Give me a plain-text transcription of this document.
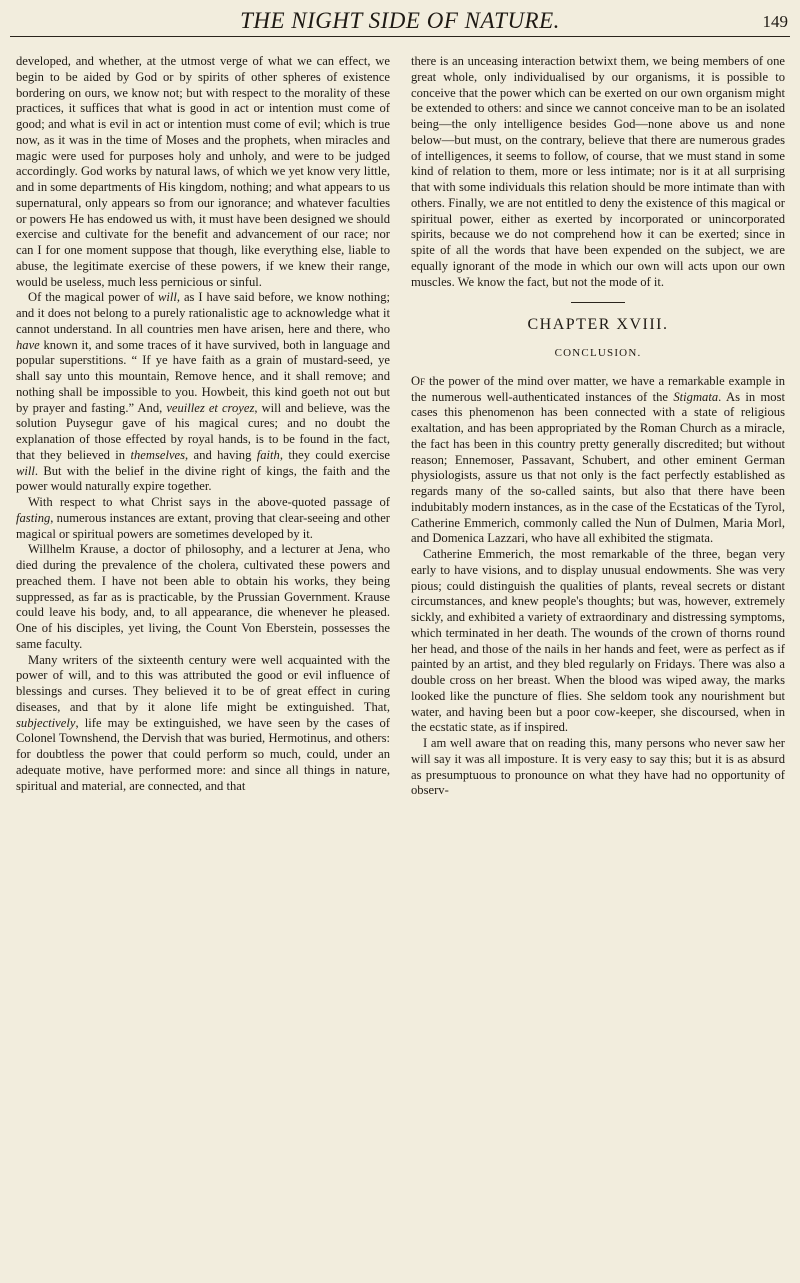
THE NIGHT SIDE OF NATURE.	149

developed, and whether, at the utmost verge of what we can effect, we begin to be aided by God or by spirits of other spheres of existence bordering on ours, we know not; but with respect to the morality of these practices, it suffices that what is good in act or intention must come of good; and what is evil in act or intention must come of evil; which is true now, as it was in the time of Moses and the prophets, when miracles and magic were used for purposes holy and unholy, and were to be judged accordingly. God works by natural laws, of which we yet know very little, and in some departments of His kingdom, nothing; and what appears to us supernatural, only appears so from our ignorance; and whatever faculties or powers He has endowed us with, it must have been designed we should exercise and cultivate for the benefit and advancement of our race; nor can I for one moment suppose that though, like everything else, liable to abuse, the legitimate exercise of these powers, if we knew their range, would be useless, much less pernicious or sinful.

Of the magical power of will, as I have said before, we know nothing; and it does not belong to a purely rationalistic age to acknowledge what it cannot understand. In all countries men have arisen, here and there, who have known it, and some traces of it have survived, both in language and popular superstitions. “ If ye have faith as a grain of mustard-seed, ye shall say unto this mountain, Remove hence, and it shall remove; and nothing shall be impossible to you. Howbeit, this kind goeth not out but by prayer and fasting.” And, veuillez et croyez, will and believe, was the solution Puysegur gave of his magical cures; and no doubt the explanation of those effected by royal hands, is to be found in the fact, that they believed in themselves, and having faith, they could exercise will. But with the belief in the divine right of kings, the faith and the power would naturally expire together.

With respect to what Christ says in the above-quoted passage of fasting, numerous instances are extant, proving that clear-seeing and other magical or spiritual powers are sometimes developed by it.

Willhelm Krause, a doctor of philosophy, and a lecturer at Jena, who died during the prevalence of the cholera, cultivated these powers and preached them. I have not been able to obtain his works, they being suppressed, as far as is practicable, by the Prussian Government. Krause could leave his body, and, to all appearance, die whenever he pleased. One of his disciples, yet living, the Count Von Eberstein, possesses the same faculty.

Many writers of the sixteenth century were well acquainted with the power of will, and to this was attributed the good or evil influence of blessings and curses. They believed it to be of great effect in curing diseases, and that by it alone life might be extinguished. That, subjectively, life may be extinguished, we have seen by the cases of Colonel Townshend, the Dervish that was buried, Hermotinus, and others: for doubtless the power that could perform so much, could, under an adequate motive, have performed more: and since all things in nature, spiritual and material, are connected, and that

there is an unceasing interaction betwixt them, we being members of one great whole, only individualised by our organisms, it is possible to conceive that the power which can be exerted on our own organism might be extended to others: and since we cannot conceive man to be an isolated being—the only intelligence besides God—none above us and none below—but must, on the contrary, believe that there are numerous grades of intelligences, it seems to follow, of course, that we must stand in some kind of relation to them, more or less intimate; nor is it at all surprising that with some individuals this relation should be more intimate than with others. Finally, we are not entitled to deny the existence of this magical or spiritual power, either as exerted by incorporated or unincorporated spirits, because we do not comprehend how it can be exerted; since in spite of all the words that have been expended on the subject, we are equally ignorant of the mode in which our own will acts upon our own muscles. We know the fact, but not the mode of it.

CHAPTER XVIII.
CONCLUSION.

Of the power of the mind over matter, we have a remarkable example in the numerous well-authenticated instances of the Stigmata. As in most cases this phenomenon has been connected with a state of religious exaltation, and has been appropriated by the Roman Church as a miracle, the fact has been in this country pretty generally discredited; but without reason; Ennemoser, Passavant, Schubert, and other eminent German physiologists, assure us that not only is the fact perfectly established as regards many of the so-called saints, but also that there have been indubitably modern instances, as in the case of the Ecstaticas of the Tyrol, Catherine Emmerich, commonly called the Nun of Dulmen, Maria Morl, and Domenica Lazzari, who have all exhibited the stigmata.

Catherine Emmerich, the most remarkable of the three, began very early to have visions, and to display unusual endowments. She was very pious; could distinguish the qualities of plants, reveal secrets or distant circumstances, and knew people's thoughts; but was, however, extremely sickly, and exhibited a variety of extraordinary and distressing symptoms, which terminated in her death. The wounds of the crown of thorns round her head, and those of the nails in her hands and feet, were as perfect as if painted by an artist, and they bled regularly on Fridays. There was also a double cross on her breast. When the blood was wiped away, the marks looked like the puncture of flies. She seldom took any nourishment but water, and having been but a poor cow-keeper, she discoursed, when in the ecstatic state, as if inspired.

I am well aware that on reading this, many persons who never saw her will say it was all imposture. It is very easy to say this; but it is as absurd as presumptuous to pronounce on what they have had no opportunity of observ-
